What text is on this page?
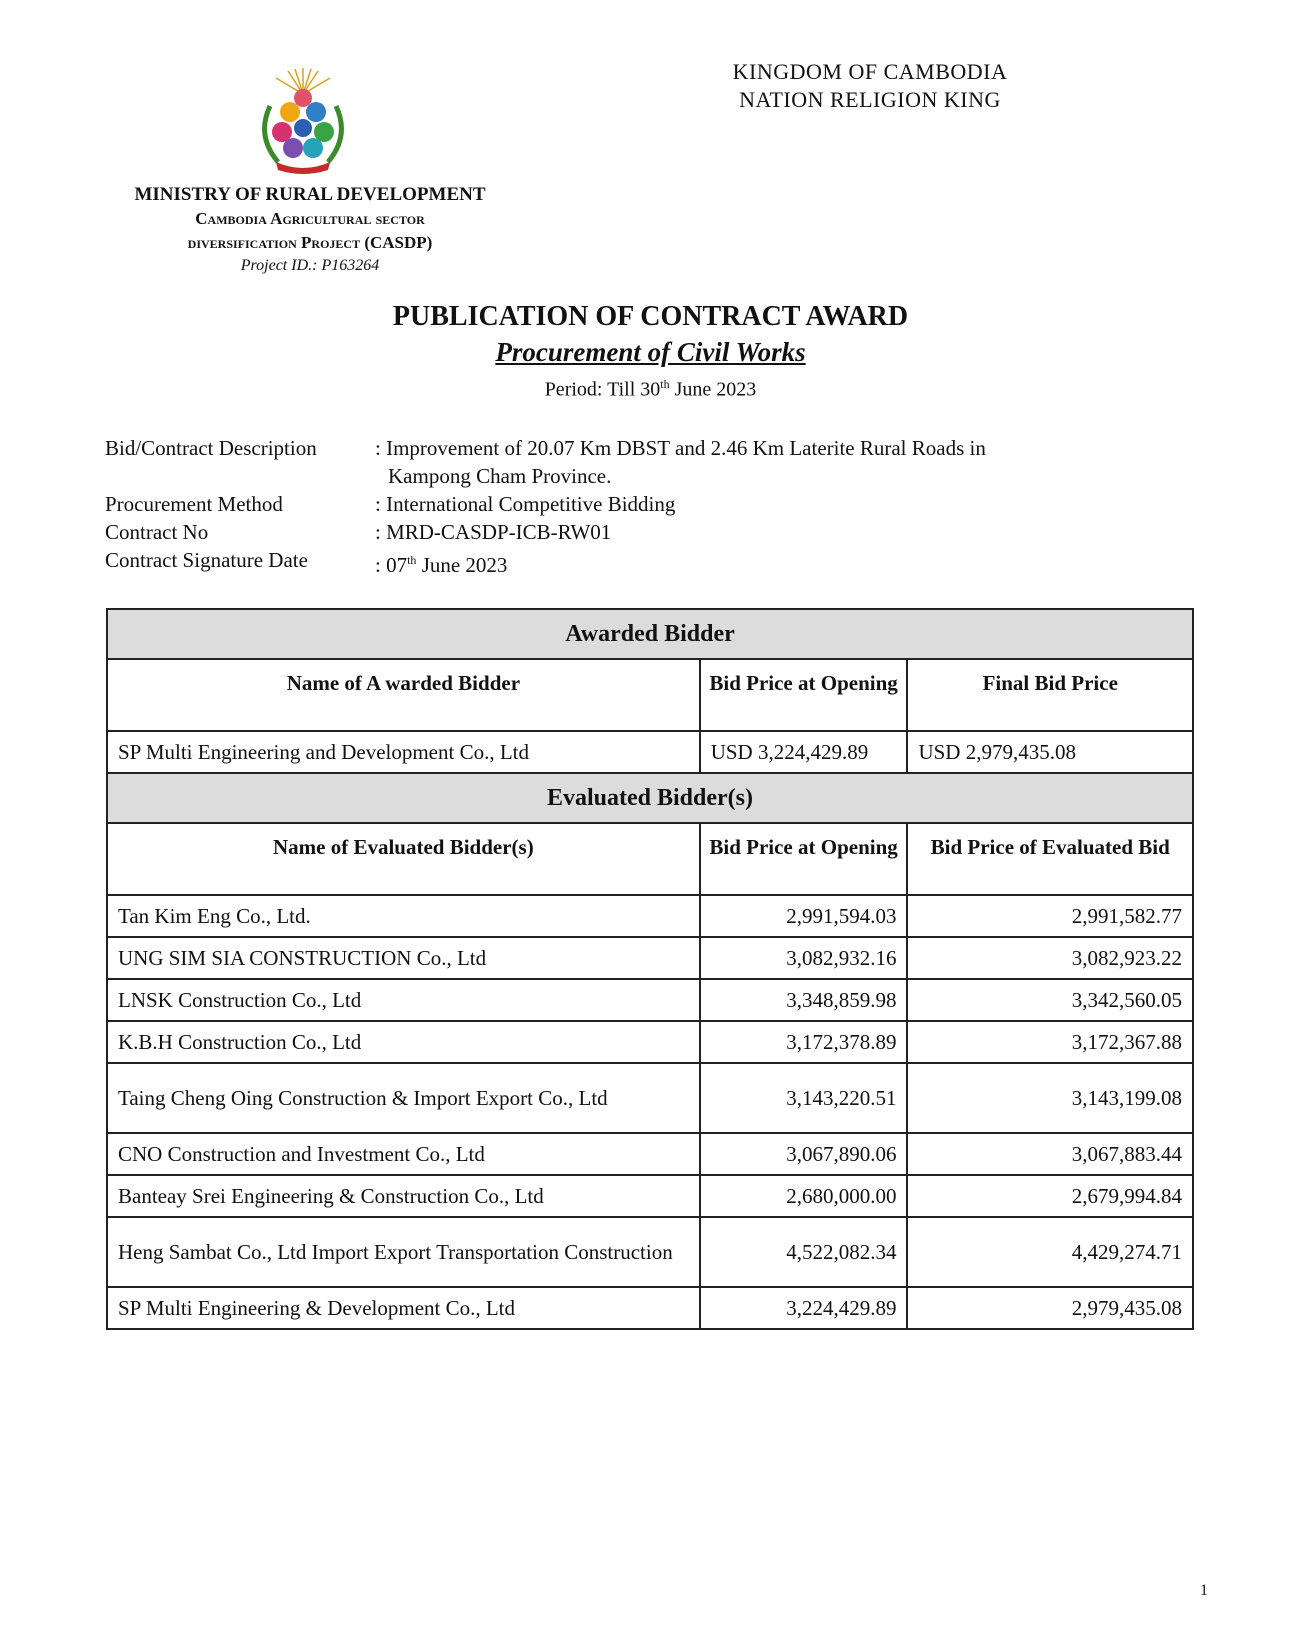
KINGDOM OF CAMBODIA
NATION RELIGION KING
MINISTRY OF RURAL DEVELOPMENT
Cambodia Agricultural sector
diversification Project (CASDP)
Project ID.: P163264
PUBLICATION OF CONTRACT AWARD
Procurement of Civil Works
Period: Till 30th June 2023
Bid/Contract Description	: Improvement of 20.07 Km DBST and 2.46 Km Laterite Rural Roads in
Kampong Cham Province.
Procurement Method	: International Competitive Bidding
Contract No	: MRD-CASDP-ICB-RW01
Contract Signature Date	: 07th June 2023
Awarded Bidder		
Name of A warded Bidder	Bid Price at Opening	Final Bid Price
SP Multi Engineering and Development Co., Ltd	USD 3,224,429.89	USD 2,979,435.08
Evaluated Bidder(s)		
Name of Evaluated Bidder(s)	Bid Price at Opening	Bid Price of Evaluated Bid
Tan Kim Eng Co., Ltd.	2,991,594.03	2,991,582.77
UNG SIM SIA CONSTRUCTION Co., Ltd	3,082,932.16	3,082,923.22
LNSK Construction Co., Ltd	3,348,859.98	3,342,560.05
K.B.H Construction Co., Ltd	3,172,378.89	3,172,367.88
Taing Cheng Oing Construction & Import Export Co., Ltd	3,143,220.51	3,143,199.08
CNO Construction and Investment Co., Ltd	3,067,890.06	3,067,883.44
Banteay Srei Engineering & Construction Co., Ltd	2,680,000.00	2,679,994.84
Heng Sambat Co., Ltd Import Export Transportation Construction	4,522,082.34	4,429,274.71
SP Multi Engineering & Development Co., Ltd	3,224,429.89	2,979,435.08
1
